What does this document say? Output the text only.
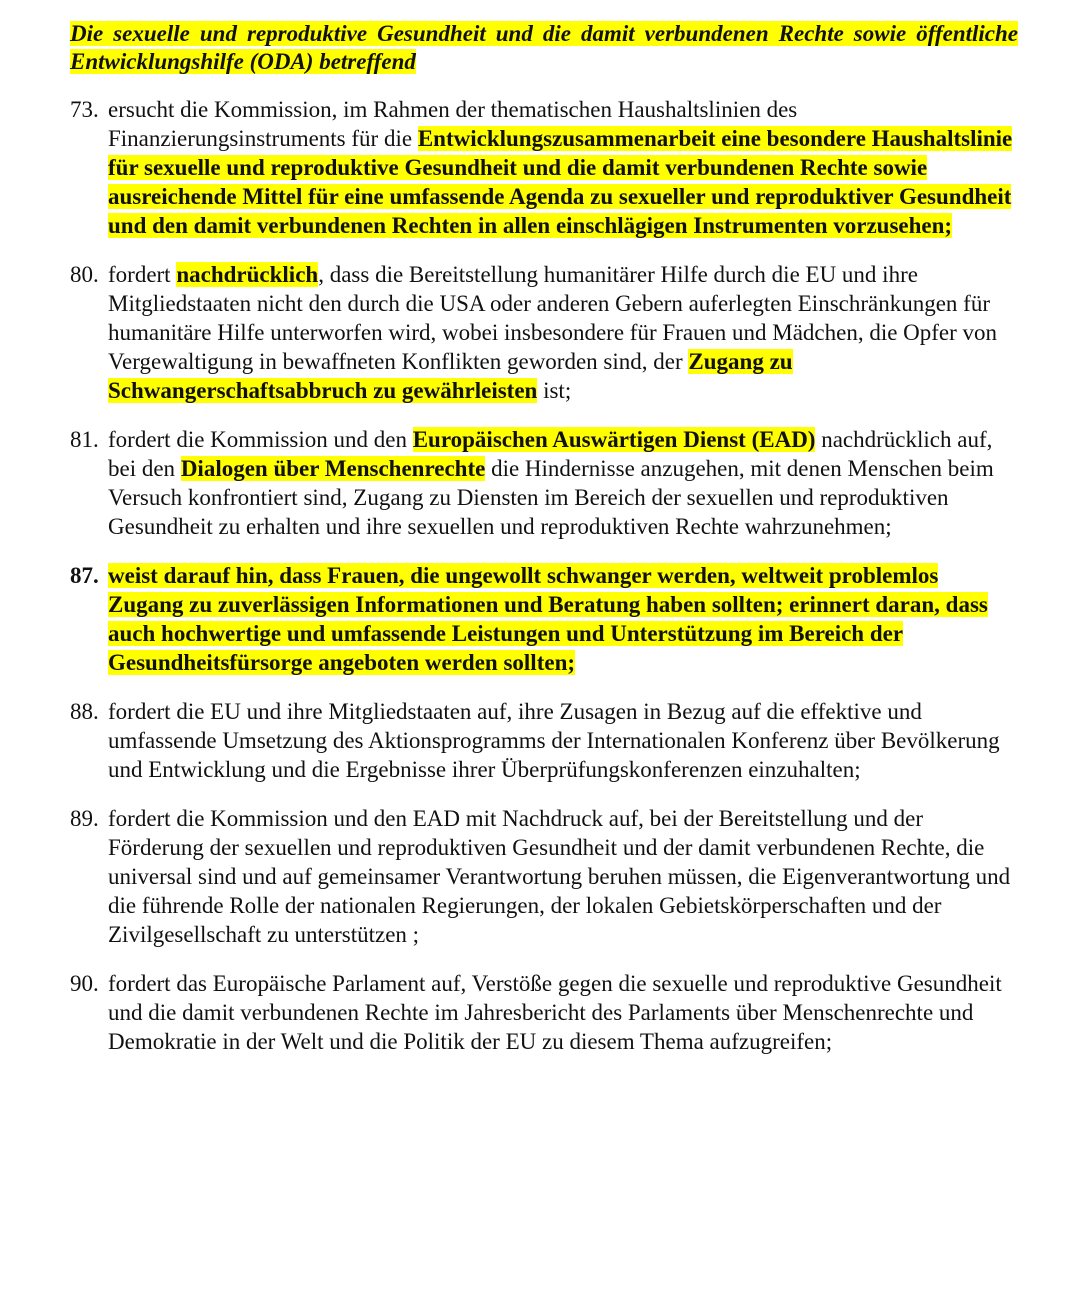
Die sexuelle und reproduktive Gesundheit und die damit verbundenen Rechte sowie öffentliche Entwicklungshilfe (ODA) betreffend

73. ersucht die Kommission, im Rahmen der thematischen Haushaltslinien des Finanzierungsinstruments für die Entwicklungszusammenarbeit eine besondere Haushaltslinie für sexuelle und reproduktive Gesundheit und die damit verbundenen Rechte sowie ausreichende Mittel für eine umfassende Agenda zu sexueller und reproduktiver Gesundheit und den damit verbundenen Rechten in allen einschlägigen Instrumenten vorzusehen;
80. fordert nachdrücklich, dass die Bereitstellung humanitärer Hilfe durch die EU und ihre Mitgliedstaaten nicht den durch die USA oder anderen Gebern auferlegten Einschränkungen für humanitäre Hilfe unterworfen wird, wobei insbesondere für Frauen und Mädchen, die Opfer von Vergewaltigung in bewaffneten Konflikten geworden sind, der Zugang zu Schwangerschaftsabbruch zu gewährleisten ist;
81. fordert die Kommission und den Europäischen Auswärtigen Dienst (EAD) nachdrücklich auf, bei den Dialogen über Menschenrechte die Hindernisse anzugehen, mit denen Menschen beim Versuch konfrontiert sind, Zugang zu Diensten im Bereich der sexuellen und reproduktiven Gesundheit zu erhalten und ihre sexuellen und reproduktiven Rechte wahrzunehmen;
87. weist darauf hin, dass Frauen, die ungewollt schwanger werden, weltweit problemlos Zugang zu zuverlässigen Informationen und Beratung haben sollten; erinnert daran, dass auch hochwertige und umfassende Leistungen und Unterstützung im Bereich der Gesundheitsfürsorge angeboten werden sollten;
88. fordert die EU und ihre Mitgliedstaaten auf, ihre Zusagen in Bezug auf die effektive und umfassende Umsetzung des Aktionsprogramms der Internationalen Konferenz über Bevölkerung und Entwicklung und die Ergebnisse ihrer Überprüfungskonferenzen einzuhalten;
89. fordert die Kommission und den EAD mit Nachdruck auf, bei der Bereitstellung und der Förderung der sexuellen und reproduktiven Gesundheit und der damit verbundenen Rechte, die universal sind und auf gemeinsamer Verantwortung beruhen müssen, die Eigenverantwortung und die führende Rolle der nationalen Regierungen, der lokalen Gebietskörperschaften und der Zivilgesellschaft zu unterstützen ;
90. fordert das Europäische Parlament auf, Verstöße gegen die sexuelle und reproduktive Gesundheit und die damit verbundenen Rechte im Jahresbericht des Parlaments über Menschenrechte und Demokratie in der Welt und die Politik der EU zu diesem Thema aufzugreifen;
